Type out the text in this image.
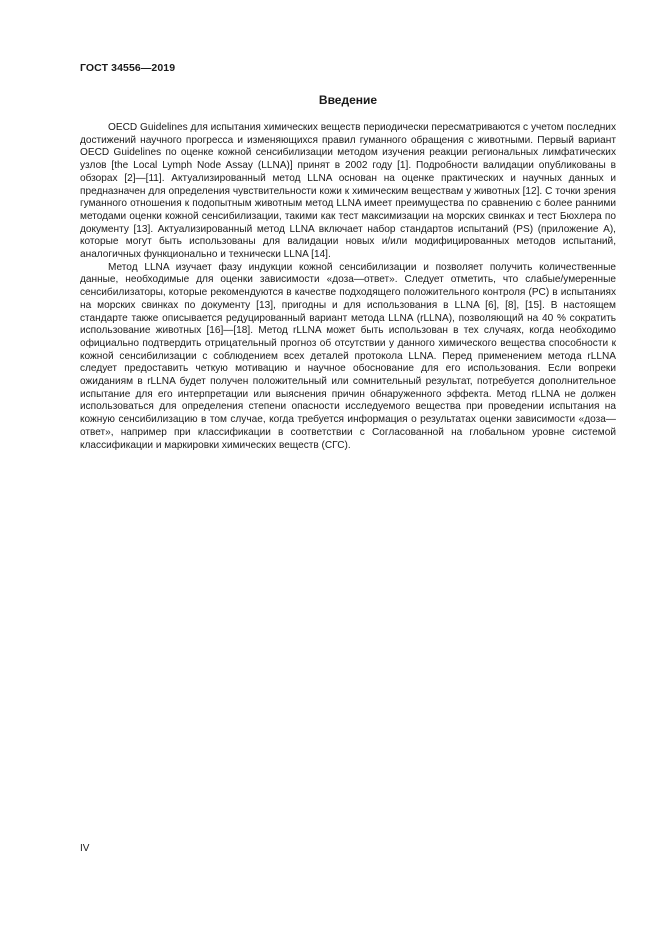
ГОСТ 34556—2019
Введение

OECD Guidelines для испытания химических веществ периодически пересматриваются с учетом последних достижений научного прогресса и изменяющихся правил гуманного обращения с животными. Первый вариант OECD Guidelines по оценке кожной сенсибилизации методом изучения реакции региональных лимфатических узлов [the Local Lymph Node Assay (LLNA)] принят в 2002 году [1]. Подробности валидации опубликованы в обзорах [2]—[11]. Актуализированный метод LLNA основан на оценке практических и научных данных и предназначен для определения чувствительности кожи к химическим веществам у животных [12]. С точки зрения гуманного отношения к подопытным животным метод LLNA имеет преимущества по сравнению с более ранними методами оценки кожной сенсибилизации, такими как тест максимизации на морских свинках и тест Бюхлера по документу [13]. Актуализированный метод LLNA включает набор стандартов испытаний (PS) (приложение А), которые могут быть использованы для валидации новых и/или модифицированных методов испытаний, аналогичных функционально и технически LLNA [14].

Метод LLNA изучает фазу индукции кожной сенсибилизации и позволяет получить количественные данные, необходимые для оценки зависимости «доза—ответ». Следует отметить, что слабые/умеренные сенсибилизаторы, которые рекомендуются в качестве подходящего положительного контроля (PC) в испытаниях на морских свинках по документу [13], пригодны и для использования в LLNA [6], [8], [15]. В настоящем стандарте также описывается редуцированный вариант метода LLNA (rLLNA), позволяющий на 40 % сократить использование животных [16]—[18]. Метод rLLNA может быть использован в тех случаях, когда необходимо официально подтвердить отрицательный прогноз об отсутствии у данного химического вещества способности к кожной сенсибилизации с соблюдением всех деталей протокола LLNA. Перед применением метода rLLNA следует предоставить четкую мотивацию и научное обоснование для его использования. Если вопреки ожиданиям в rLLNA будет получен положительный или сомнительный результат, потребуется дополнительное испытание для его интерпретации или выяснения причин обнаруженного эффекта. Метод rLLNA не должен использоваться для определения степени опасности исследуемого вещества при проведении испытания на кожную сенсибилизацию в том случае, когда требуется информация о результатах оценки зависимости «доза—ответ», например при классификации в соответствии с Согласованной на глобальном уровне системой классификации и маркировки химических веществ (СГС).

IV
